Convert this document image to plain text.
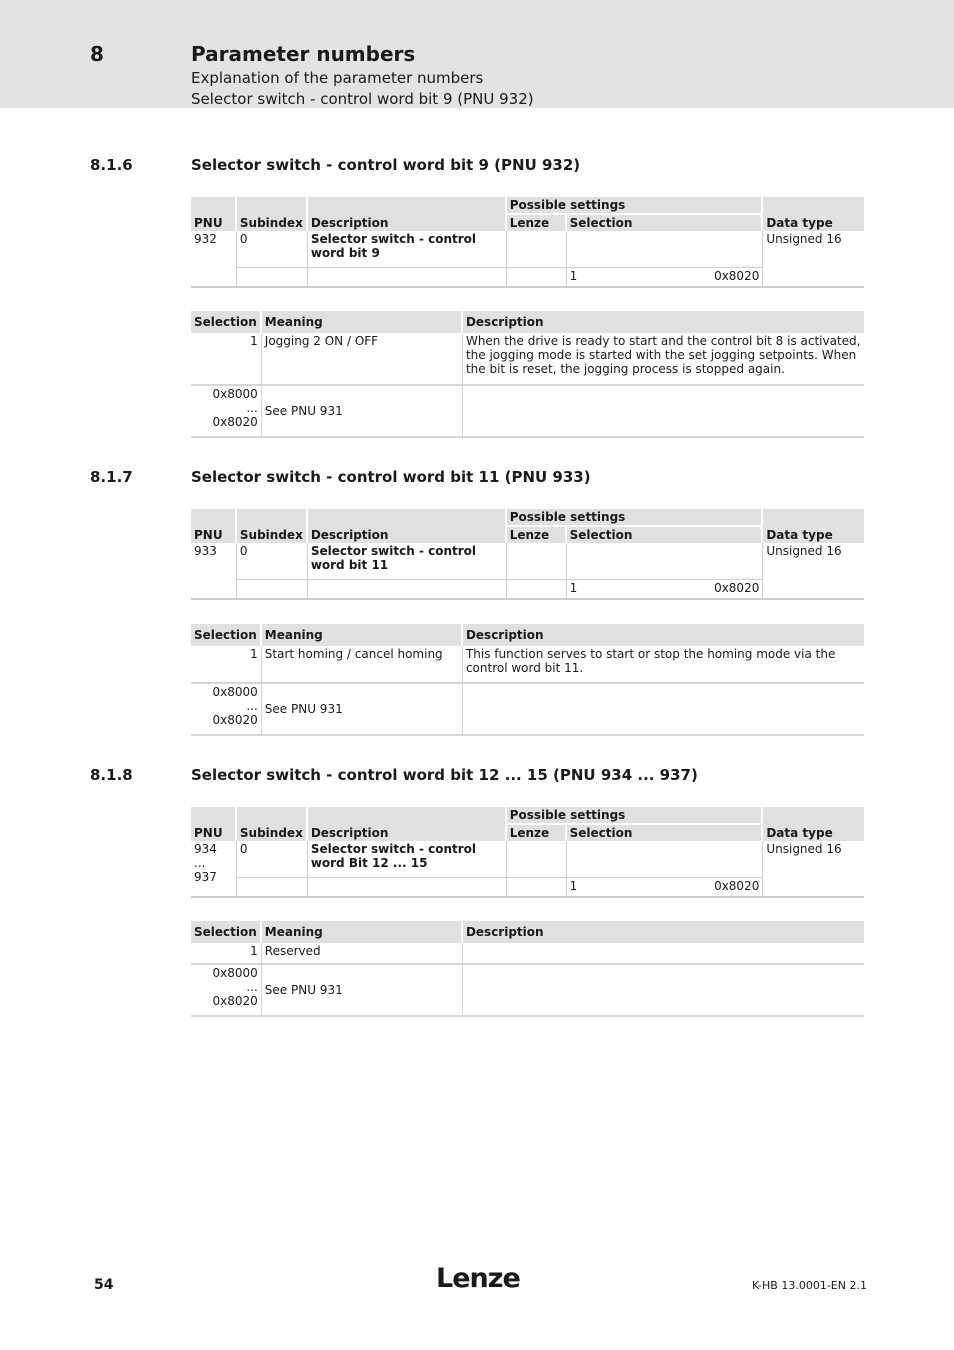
8	Parameter numbers
Explanation of the parameter numbers
Selector switch - control word bit 9 (PNU 932)
8.1.6	Selector switch - control word bit 9 (PNU 932)
PNU	Subindex	Description	Possible settings		Data type
			Lenze	Selection	
932	0	Selector switch - control word bit 9			Unsigned 16

				1 0x8020	
Selection	Meaning	Description
1	Jogging 2 ON / OFF	When the drive is ready to start and the control bit 8 is activated, the jogging mode is started with the set jogging setpoints. When the bit is reset, the jogging process is stopped again.

0x8000
...
0x8020	See PNU 931	
8.1.7	Selector switch - control word bit 11 (PNU 933)
PNU	Subindex	Description	Possible settings		Data type
			Lenze	Selection	
933	0	Selector switch - control word bit 11			Unsigned 16

				1 0x8020	
Selection	Meaning	Description
1	Start homing / cancel homing	This function serves to start or stop the homing mode via the control word bit 11.

0x8000
...
0x8020	See PNU 931	
8.1.8	Selector switch - control word bit 12 ... 15 (PNU 934 ... 937)
PNU	Subindex	Description	Possible settings		Data type
			Lenze	Selection	

934
...
937	0	Selector switch - control word Bit 12 ... 15			Unsigned 16

				1 0x8020	
Selection	Meaning	Description
1	Reserved	

0x8000
...
0x8020	See PNU 931	
54	Lenze	K-HB 13.0001-EN 2.1
